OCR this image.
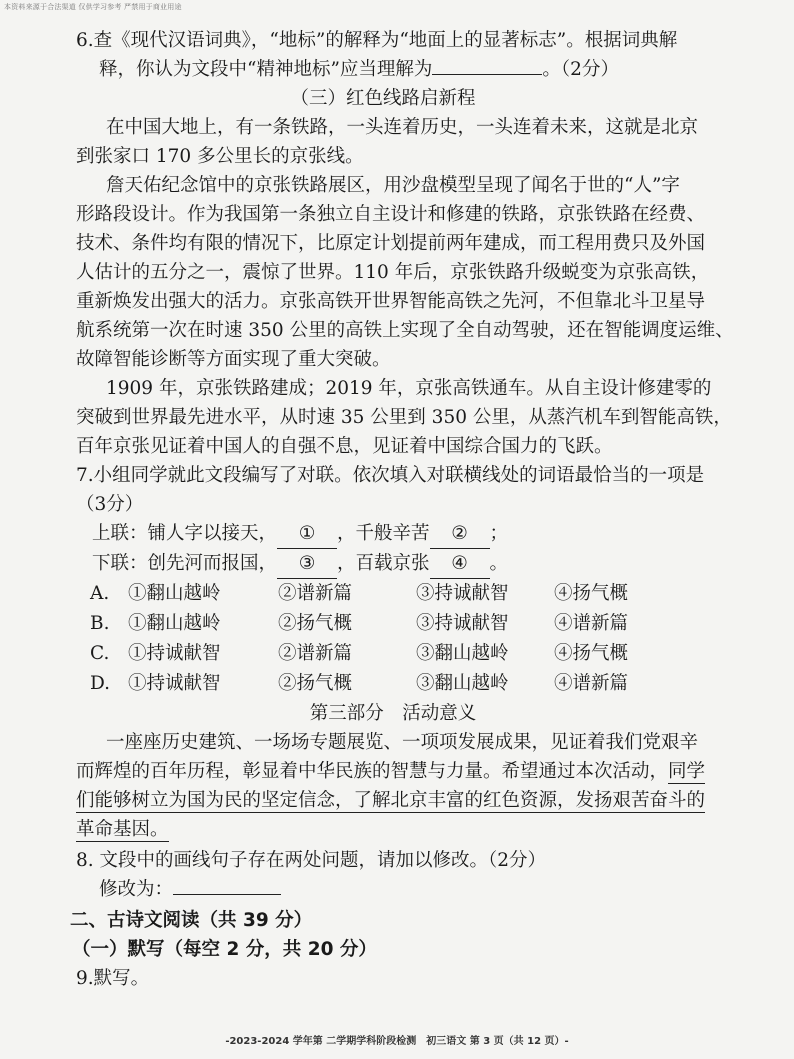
本资料来源于合法渠道 仅供学习参考 严禁用于商业用途
6.查《现代汉语词典》，“地标”的解释为“地面上的显著标志”。根据词典解
释，你认为文段中“精神地标”应当理解为	。（2分）
（三）红色线路启新程
在中国大地上，有一条铁路，一头连着历史，一头连着未来，这就是北京
到张家口 170 多公里长的京张线。
詹天佑纪念馆中的京张铁路展区，用沙盘模型呈现了闻名于世的“人”字
形路段设计。作为我国第一条独立自主设计和修建的铁路，京张铁路在经费、
技术、条件均有限的情况下，比原定计划提前两年建成，而工程用费只及外国
人估计的五分之一，震惊了世界。110 年后，京张铁路升级蜕变为京张高铁，
重新焕发出强大的活力。京张高铁开世界智能高铁之先河，不但靠北斗卫星导
航系统第一次在时速 350 公里的高铁上实现了全自动驾驶，还在智能调度运维、
故障智能诊断等方面实现了重大突破。
1909 年，京张铁路建成；2019 年，京张高铁通车。从自主设计修建零的
突破到世界最先进水平，从时速 35 公里到 350 公里，从蒸汽机车到智能高铁，
百年京张见证着中国人的自强不息，见证着中国综合国力的飞跃。
7.小组同学就此文段编写了对联。依次填入对联横线处的词语最恰当的一项是
（3分）
上联：铺人字以接天， ① ，千般辛苦 ② ；
下联：创先河而报国， ③ ，百载京张 ④ 。
A.	①翻山越岭	②谱新篇	③持诚献智	④扬气概
B.	①翻山越岭	②扬气概	③持诚献智	④谱新篇
C.	①持诚献智	②谱新篇	③翻山越岭	④扬气概
D. ①持诚献智	②扬气概	③翻山越岭	④谱新篇
第三部分　活动意义
一座座历史建筑、一场场专题展览、一项项发展成果，见证着我们党艰辛
而辉煌的百年历程，彰显着中华民族的智慧与力量。希望通过本次活动，同学
们能够树立为国为民的坚定信念，了解北京丰富的红色资源，发扬艰苦奋斗的
革命基因。
8. 文段中的画线句子存在两处问题，请加以修改。（2分）
修改为：
二、古诗文阅读（共 39 分）
（一）默写（每空 2 分，共 20 分）
9.默写。
-2023-2024 学年第 二学期学科阶段检测　初三语文 第 3 页（共 12 页）-
